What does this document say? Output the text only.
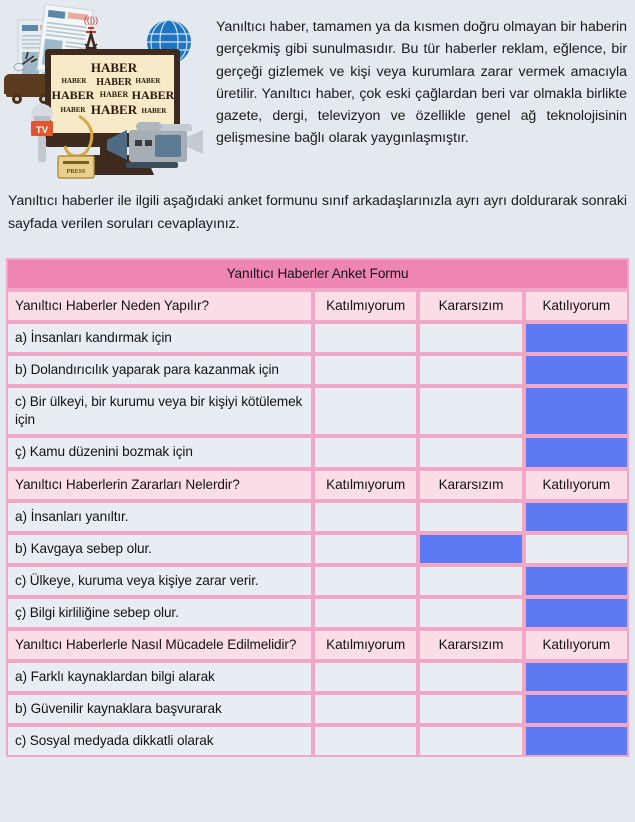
((|))
HABER
HABER HABER HABER
HABER HABER HABER
HABER HABER HABER
TV
PRESS
Yanıltıcı haber, tamamen ya da kısmen doğru olmayan bir haberin gerçekmiş gibi sunulmasıdır. Bu tür haberler reklam, eğlence, bir gerçeği gizlemek ve kişi veya kurumlara zarar vermek amacıyla üretilir. Yanıltıcı haber, çok eski çağlardan beri var olmakla birlikte gazete, dergi, televizyon ve özellikle genel ağ teknolojisinin gelişmesine bağlı olarak yaygınlaşmıştır.
Yanıltıcı haberler ile ilgili aşağıdaki anket formunu sınıf arkadaşlarınızla ayrı ayrı doldurarak sonraki sayfada verilen soruları cevaplayınız.
Yanıltıcı Haberler Anket Formu			
Yanıltıcı Haberler Neden Yapılır?	Katılmıyorum	Kararsızım	Katılıyorum
a) İnsanları kandırmak için			
b) Dolandırıcılık yaparak para kazanmak için			
c) Bir ülkeyi, bir kurumu veya bir kişiyi kötülemek için			
ç) Kamu düzenini bozmak için			
Yanıltıcı Haberlerin Zararları Nelerdir?	Katılmıyorum	Kararsızım	Katılıyorum
a) İnsanları yanıltır.			
b) Kavgaya sebep olur.			
c) Ülkeye, kuruma veya kişiye zarar verir.			
ç) Bilgi kirliliğine sebep olur.			
Yanıltıcı Haberlerle Nasıl Mücadele Edilmelidir?	Katılmıyorum	Kararsızım	Katılıyorum
a) Farklı kaynaklardan bilgi alarak			
b) Güvenilir kaynaklara başvurarak			
c) Sosyal medyada dikkatli olarak			
